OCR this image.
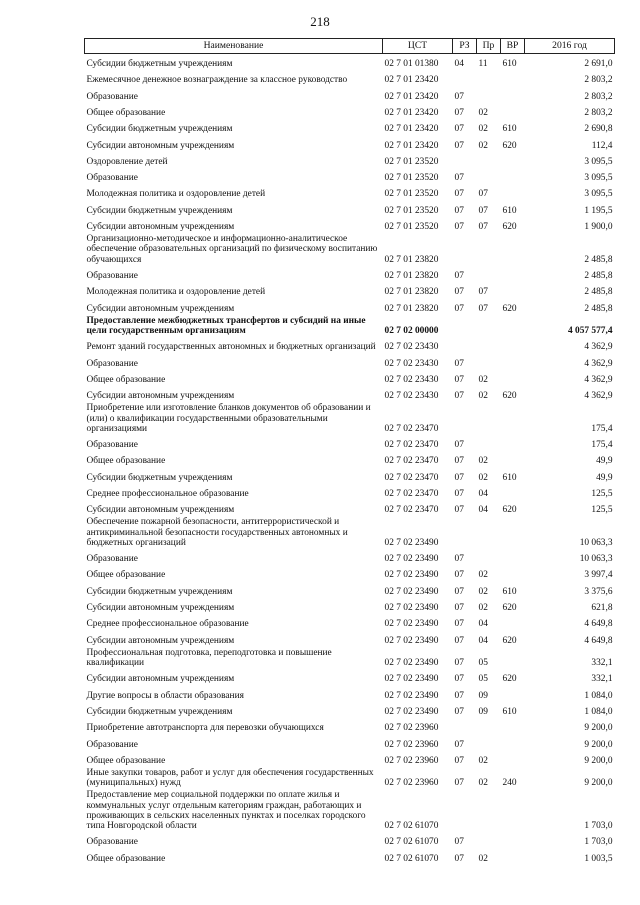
218
Наименование	ЦСТ	РЗ	Пр	ВР	2016 год
Субсидии бюджетным учреждениям	02 7 01 01380	04	11	610	2 691,0
Ежемесячное денежное вознаграждение за классное руководство	02 7 01 23420				2 803,2
Образование	02 7 01 23420	07			2 803,2
Общее образование	02 7 01 23420	07	02		2 803,2
Субсидии бюджетным учреждениям	02 7 01 23420	07	02	610	2 690,8
Субсидии автономным учреждениям	02 7 01 23420	07	02	620	112,4
Оздоровление детей	02 7 01 23520				3 095,5
Образование	02 7 01 23520	07			3 095,5
Молодежная политика и оздоровление детей	02 7 01 23520	07	07		3 095,5
Субсидии бюджетным учреждениям	02 7 01 23520	07	07	610	1 195,5
Субсидии автономным учреждениям	02 7 01 23520	07	07	620	1 900,0
Организационно-методическое и информационно-аналитическое обеспечение образовательных организаций по физическому воспитанию обучающихся	02 7 01 23820				2 485,8
Образование	02 7 01 23820	07			2 485,8
Молодежная политика и оздоровление детей	02 7 01 23820	07	07		2 485,8
Субсидии автономным учреждениям	02 7 01 23820	07	07	620	2 485,8
Предоставление межбюджетных трансфертов и субсидий на иные цели государственным организациям	02 7 02 00000				4 057 577,4
Ремонт зданий государственных автономных и бюджетных организаций	02 7 02 23430				4 362,9
Образование	02 7 02 23430	07			4 362,9
Общее образование	02 7 02 23430	07	02		4 362,9
Субсидии автономным учреждениям	02 7 02 23430	07	02	620	4 362,9
Приобретение или изготовление бланков документов об образовании и (или) о квалификации государственными образовательными организациями	02 7 02 23470				175,4
Образование	02 7 02 23470	07			175,4
Общее образование	02 7 02 23470	07	02		49,9
Субсидии бюджетным учреждениям	02 7 02 23470	07	02	610	49,9
Среднее профессиональное образование	02 7 02 23470	07	04		125,5
Субсидии автономным учреждениям	02 7 02 23470	07	04	620	125,5
Обеспечение пожарной безопасности, антитеррористической и антикриминальной безопасности государственных автономных и бюджетных организаций	02 7 02 23490				10 063,3
Образование	02 7 02 23490	07			10 063,3
Общее образование	02 7 02 23490	07	02		3 997,4
Субсидии бюджетным учреждениям	02 7 02 23490	07	02	610	3 375,6
Субсидии автономным учреждениям	02 7 02 23490	07	02	620	621,8
Среднее профессиональное образование	02 7 02 23490	07	04		4 649,8
Субсидии автономным учреждениям	02 7 02 23490	07	04	620	4 649,8
Профессиональная подготовка, переподготовка и повышение квалификации	02 7 02 23490	07	05		332,1
Субсидии автономным учреждениям	02 7 02 23490	07	05	620	332,1
Другие вопросы в области образования	02 7 02 23490	07	09		1 084,0
Субсидии бюджетным учреждениям	02 7 02 23490	07	09	610	1 084,0
Приобретение автотранспорта для перевозки обучающихся	02 7 02 23960				9 200,0
Образование	02 7 02 23960	07			9 200,0
Общее образование	02 7 02 23960	07	02		9 200,0
Иные закупки товаров, работ и услуг для обеспечения государственных (муниципальных) нужд	02 7 02 23960	07	02	240	9 200,0
Предоставление мер социальной поддержки по оплате жилья и коммунальных услуг отдельным категориям граждан, работающих и проживающих в сельских населенных пунктах и поселках городского типа Новгородской области	02 7 02 61070				1 703,0
Образование	02 7 02 61070	07			1 703,0
Общее образование	02 7 02 61070	07	02		1 003,5
